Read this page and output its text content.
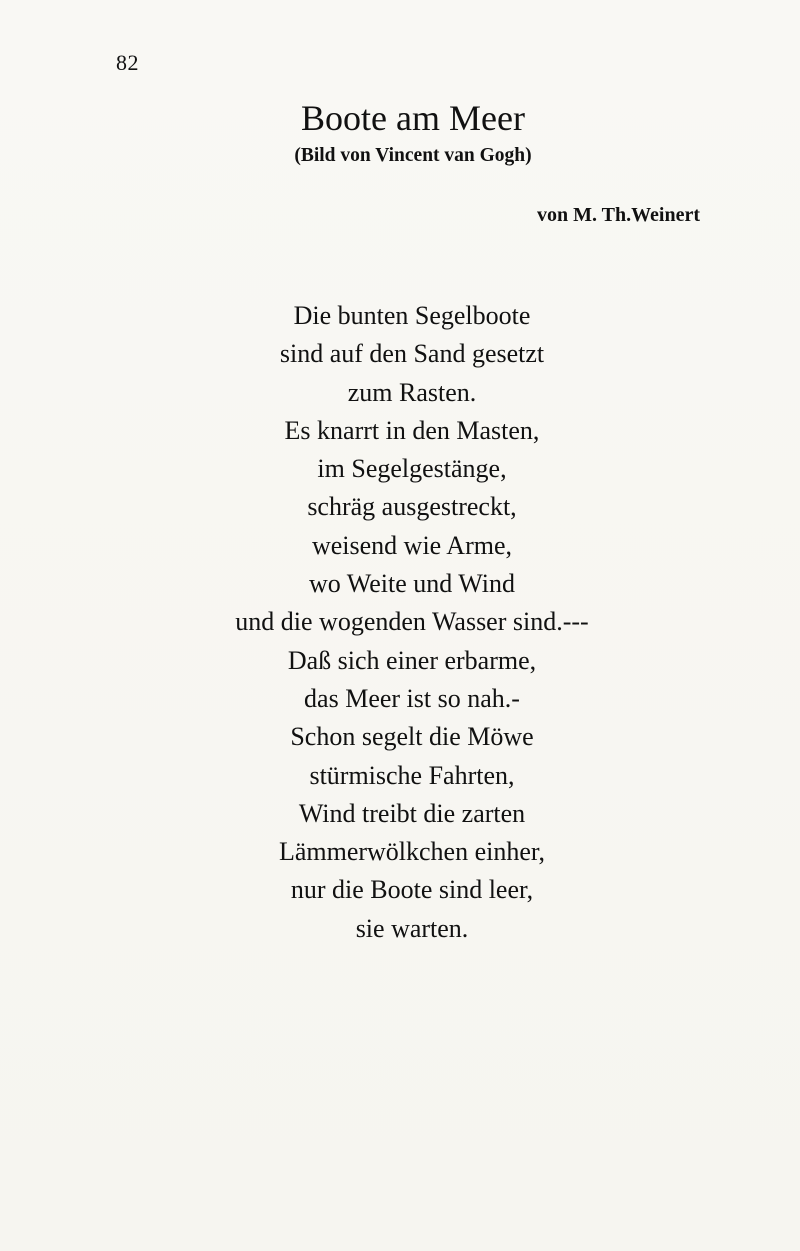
82
Boote am Meer
(Bild von Vincent van Gogh)
von M. Th.Weinert
Die bunten Segelboote
sind auf den Sand gesetzt
zum Rasten.
Es knarrt in den Masten,
im Segelgestänge,
schräg ausgestreckt,
weisend wie Arme,
wo Weite und Wind
und die wogenden Wasser sind.---
Daß sich einer erbarme,
das Meer ist so nah.-
Schon segelt die Möwe
stürmische Fahrten,
Wind treibt die zarten
Lämmerwölkchen einher,
nur die Boote sind leer,
sie warten.
